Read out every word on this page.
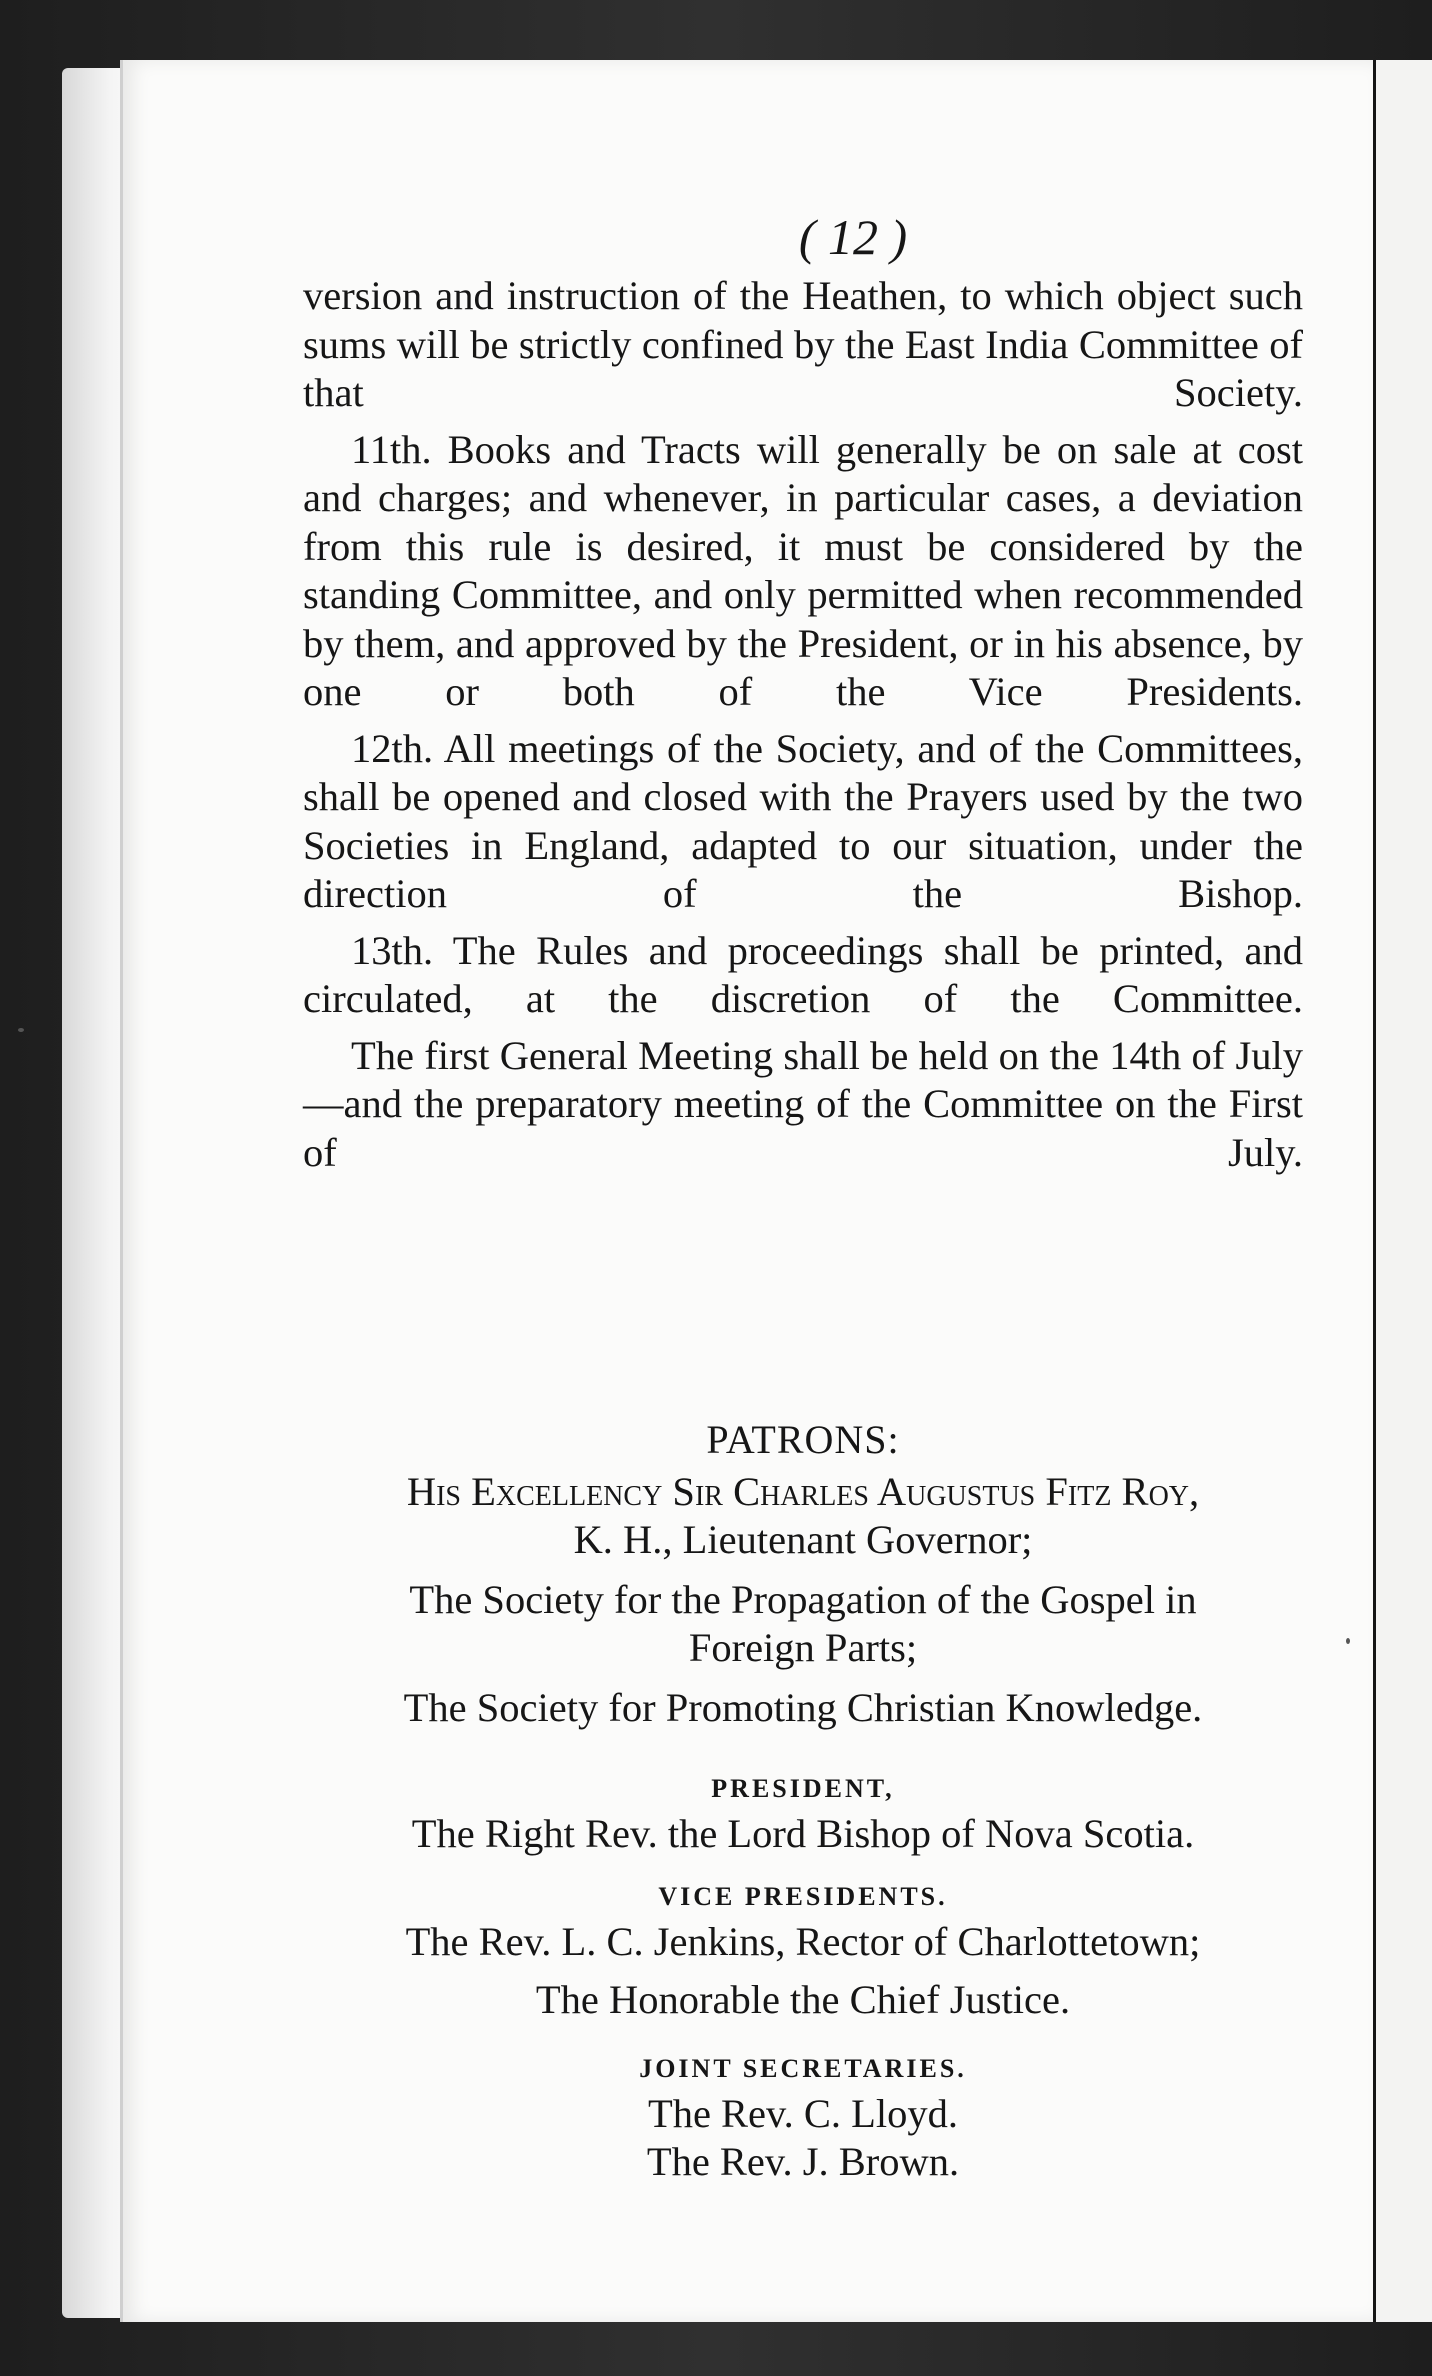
( 12 )

version and instruction of the Heathen, to which object such sums will be strictly confined by the East India Committee of that Society.

11th. Books and Tracts will generally be on sale at cost and charges; and whenever, in particular cases, a deviation from this rule is desired, it must be considered by the standing Committee, and only permitted when recommended by them, and approved by the President, or in his absence, by one or both of the Vice Presidents.

12th. All meetings of the Society, and of the Committees, shall be opened and closed with the Prayers used by the two Societies in England, adapted to our situation, under the direction of the Bishop.

13th. The Rules and proceedings shall be printed, and circulated, at the discretion of the Committee.

The first General Meeting shall be held on the 14th of July—and the preparatory meeting of the Committee on the First of July.

PATRONS:
His Excellency Sir Charles Augustus Fitz Roy,
K. H., Lieutenant Governor;
The Society for the Propagation of the Gospel in
Foreign Parts;
The Society for Promoting Christian Knowledge.
PRESIDENT,
The Right Rev. the Lord Bishop of Nova Scotia.
VICE PRESIDENTS.
The Rev. L. C. Jenkins, Rector of Charlottetown;
The Honorable the Chief Justice.
JOINT SECRETARIES.
The Rev. C. Lloyd.
The Rev. J. Brown.
